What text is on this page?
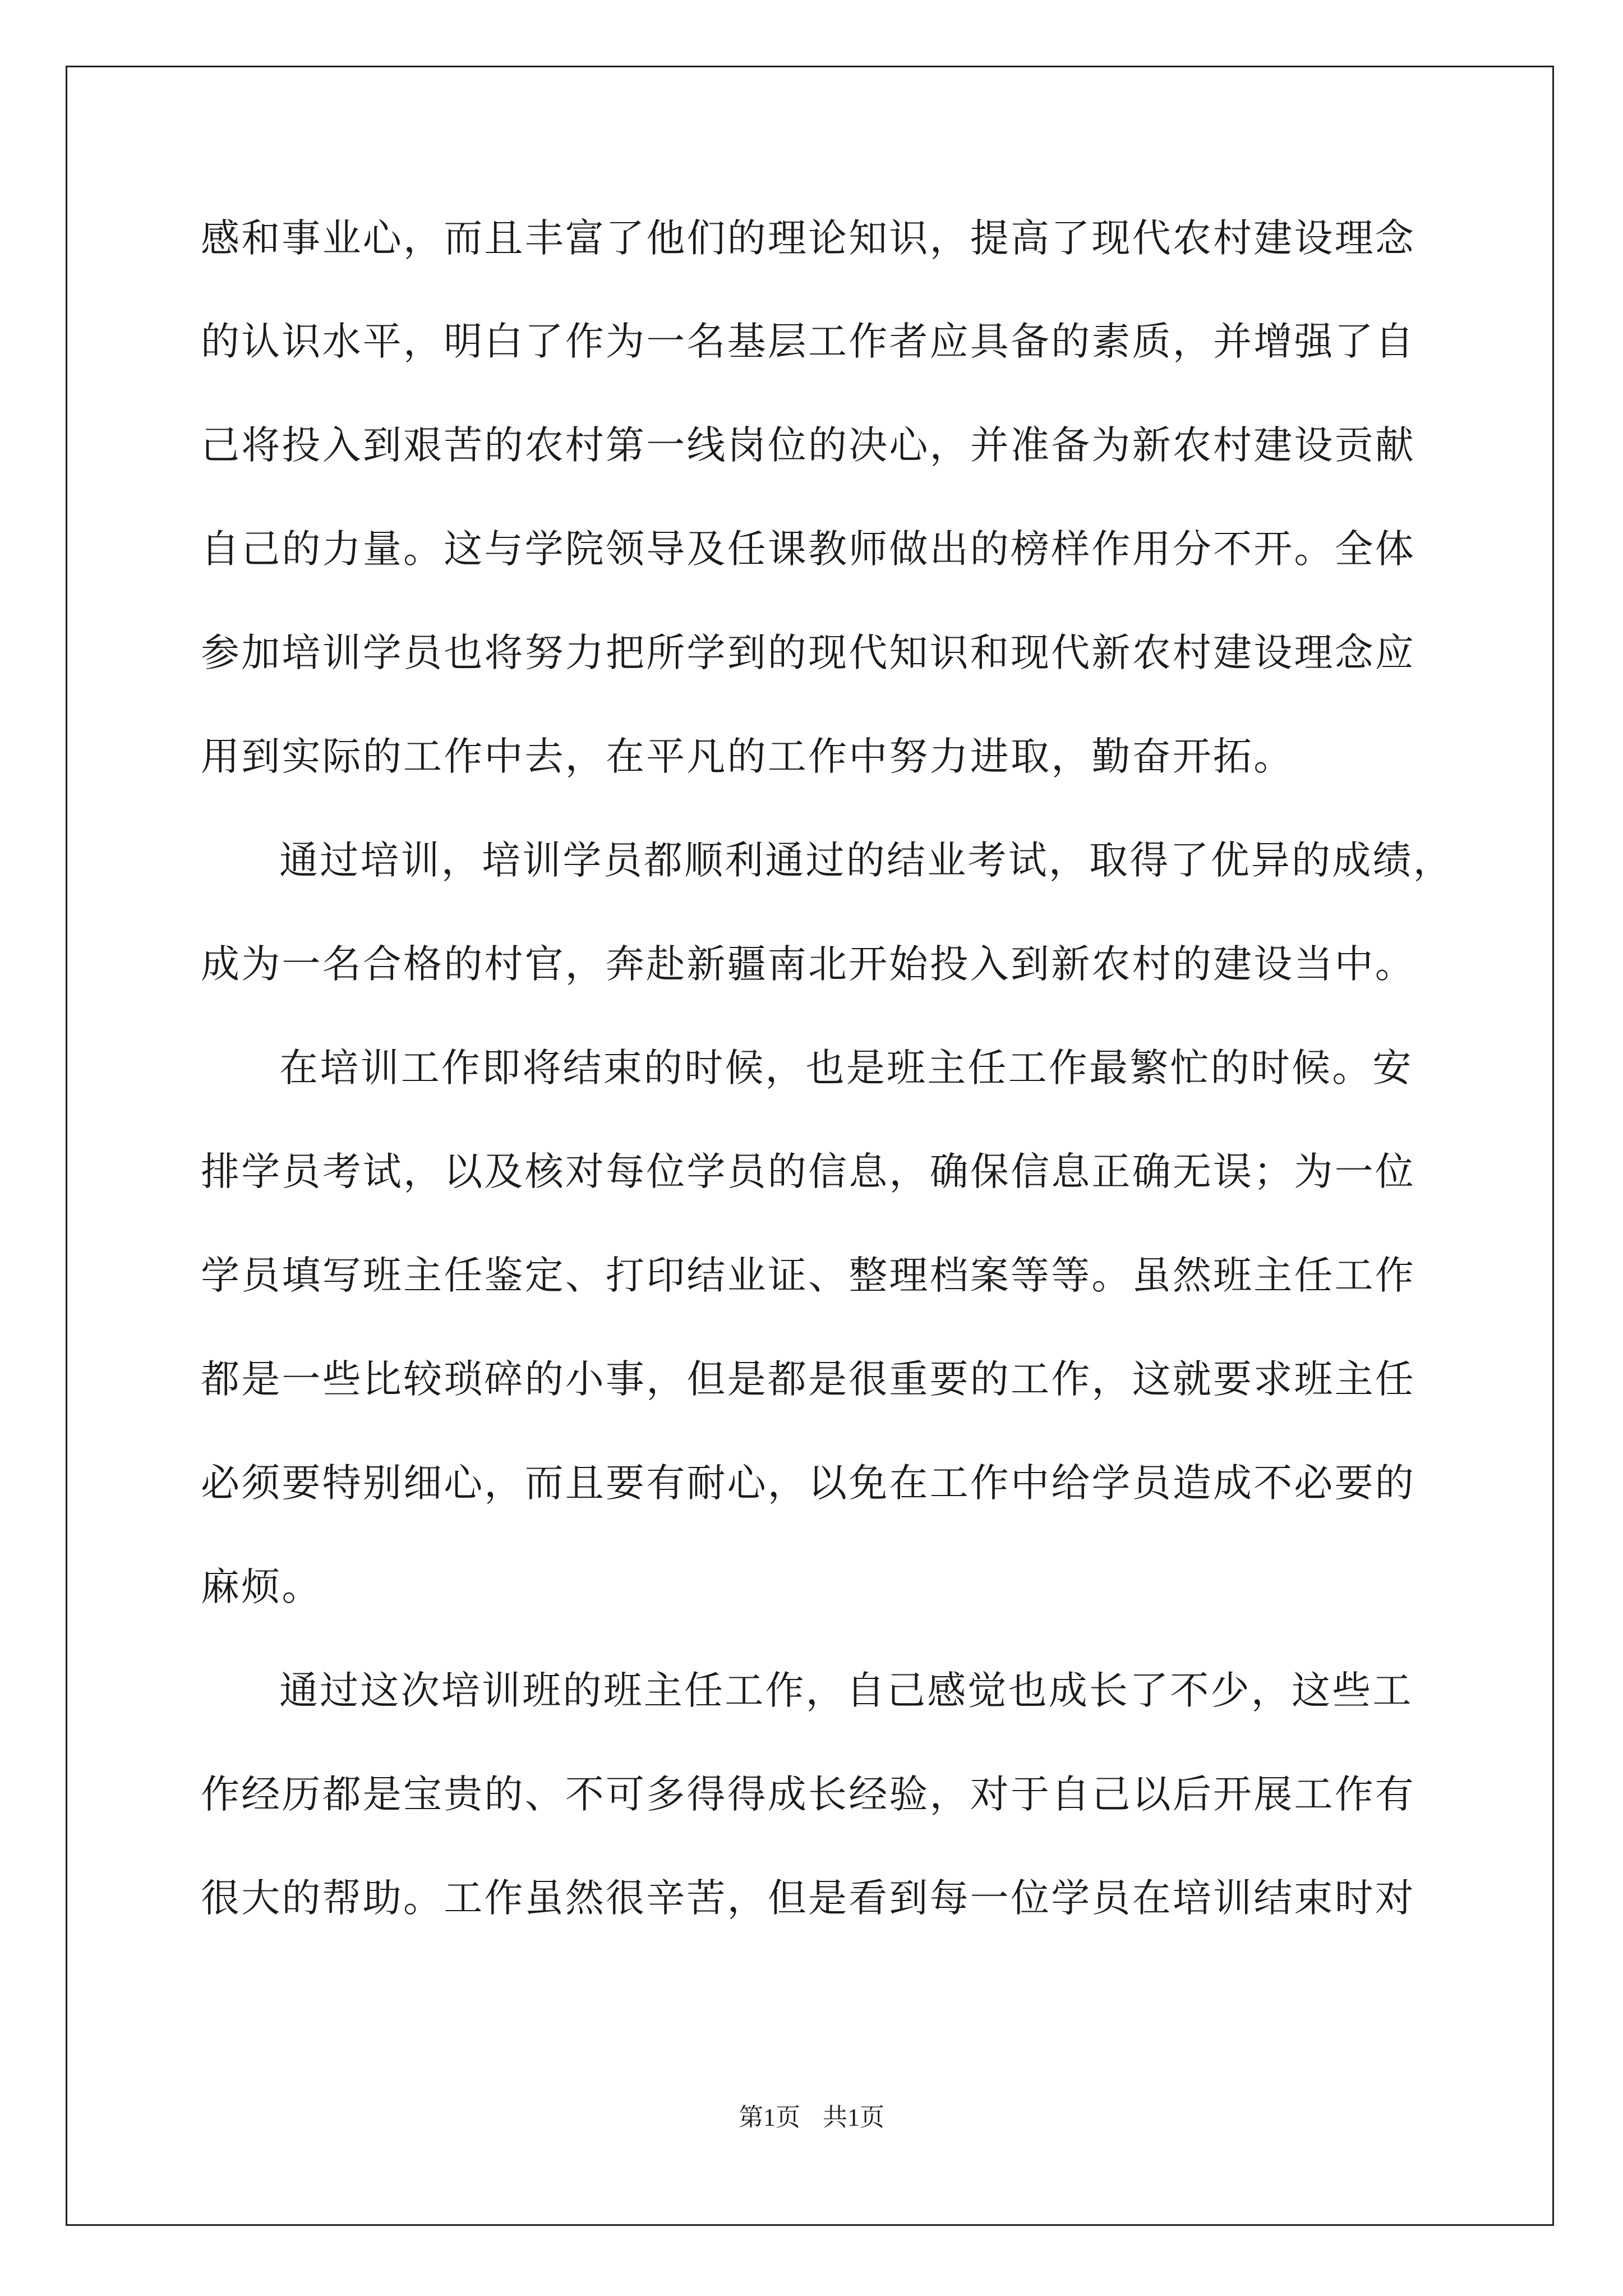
感和事业心，而且丰富了他们的理论知识，提高了现代农村建设理念
的认识水平，明白了作为一名基层工作者应具备的素质，并增强了自
己将投入到艰苦的农村第一线岗位的决心，并准备为新农村建设贡献
自己的力量。这与学院领导及任课教师做出的榜样作用分不开。全体
参加培训学员也将努力把所学到的现代知识和现代新农村建设理念应
用到实际的工作中去，在平凡的工作中努力进取，勤奋开拓。
通过培训，培训学员都顺利通过的结业考试，取得了优异的成绩，
成为一名合格的村官，奔赴新疆南北开始投入到新农村的建设当中。
在培训工作即将结束的时候，也是班主任工作最繁忙的时候。安
排学员考试，以及核对每位学员的信息，确保信息正确无误；为一位
学员填写班主任鉴定、打印结业证、整理档案等等。虽然班主任工作
都是一些比较琐碎的小事，但是都是很重要的工作，这就要求班主任
必须要特别细心，而且要有耐心，以免在工作中给学员造成不必要的
麻烦。
通过这次培训班的班主任工作，自己感觉也成长了不少，这些工
作经历都是宝贵的、不可多得得成长经验，对于自己以后开展工作有
很大的帮助。工作虽然很辛苦，但是看到每一位学员在培训结束时对
第1页 共1页
